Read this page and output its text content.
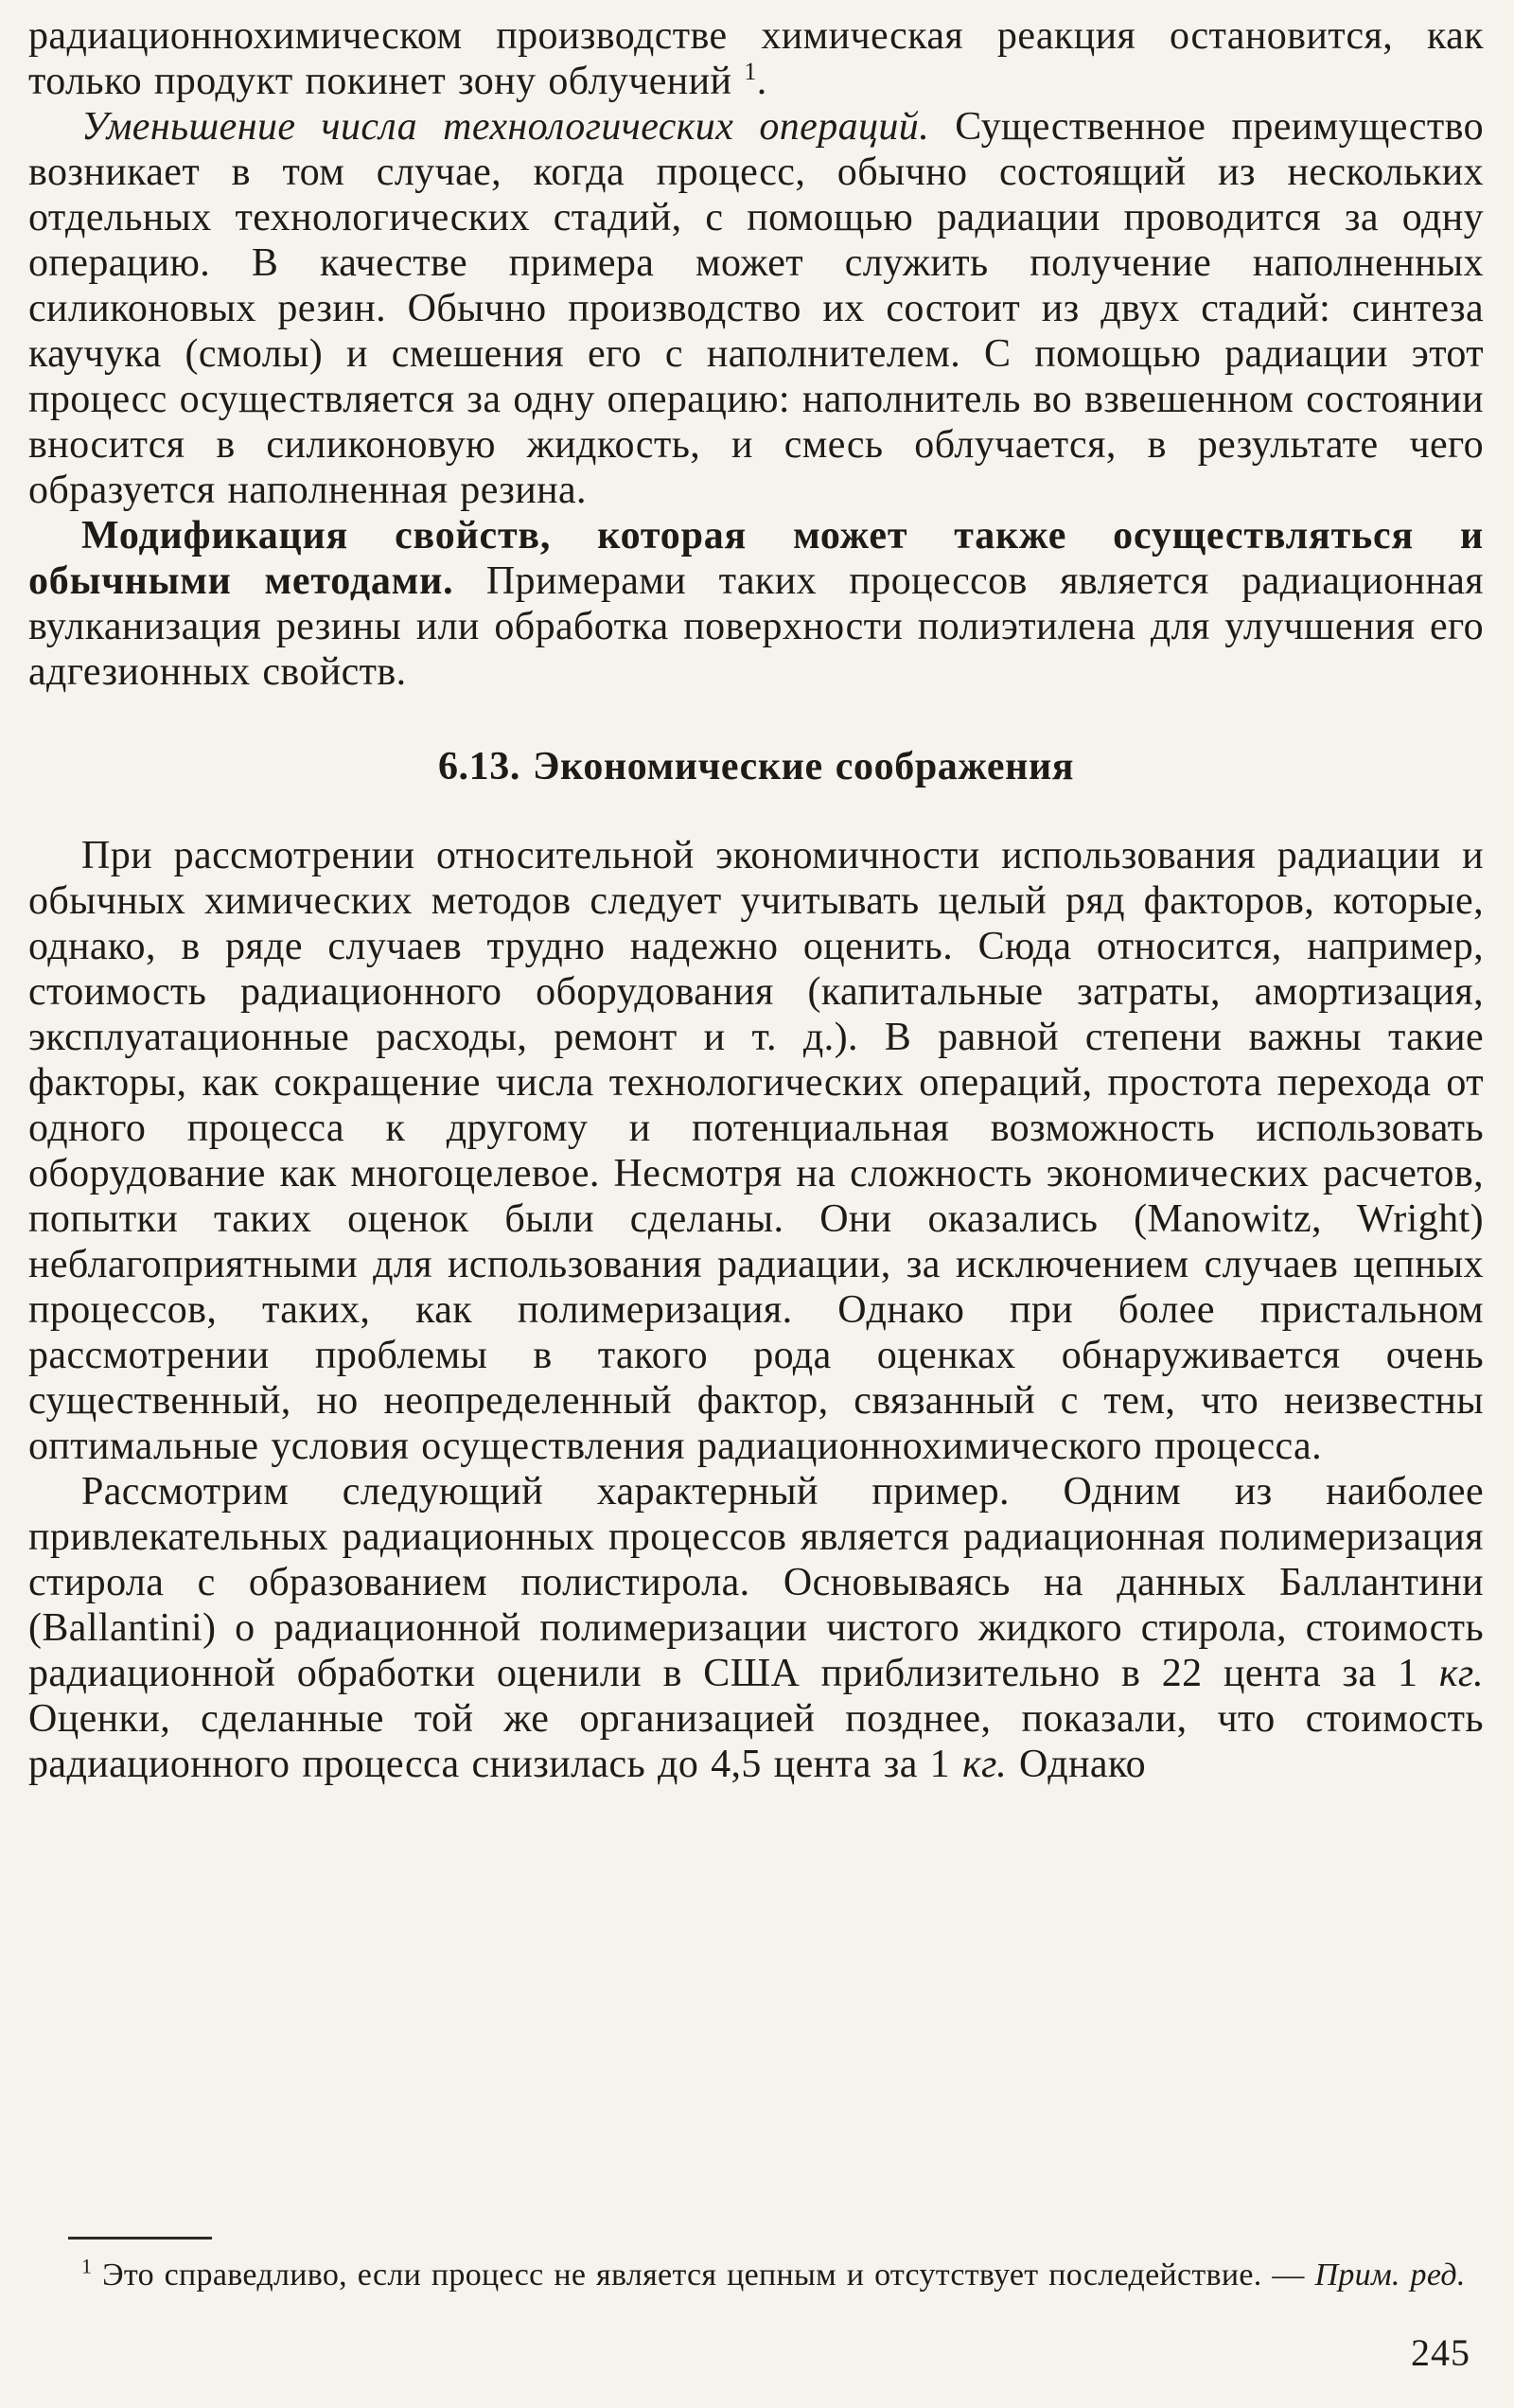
радиационнохимическом производстве химическая реакция остановится, как только продукт покинет зону облучений $^1$.

Уменьшение числа технологических операций. Существенное преимущество возникает в том случае, когда процесс, обычно состоящий из нескольких отдельных технологических стадий, с помощью радиации проводится за одну операцию. В качестве примера может служить получение наполненных силиконовых резин. Обычно производство их состоит из двух стадий: синтеза каучука (смолы) и смешения его с наполнителем. С помощью радиации этот процесс осуществляется за одну операцию: наполнитель во взвешенном состоянии вносится в силиконовую жидкость, и смесь облучается, в результате чего образуется наполненная резина.

Модификация свойств, которая может также осуществляться и обычными методами. Примерами таких процессов является радиационная вулканизация резины или обработка поверхности полиэтилена для улучшения его адгезионных свойств.

6.13. Экономические соображения

При рассмотрении относительной экономичности использования радиации и обычных химических методов следует учитывать целый ряд факторов, которые, однако, в ряде случаев трудно надежно оценить. Сюда относится, например, стоимость радиационного оборудования (капитальные затраты, амортизация, эксплуатационные расходы, ремонт и т. д.). В равной степени важны такие факторы, как сокращение числа технологических операций, простота перехода от одного процесса к другому и потенциальная возможность использовать оборудование как многоцелевое. Несмотря на сложность экономических расчетов, попытки таких оценок были сделаны. Они оказались (Manowitz, Wright) неблагоприятными для использования радиации, за исключением случаев цепных процессов, таких, как полимеризация. Однако при более пристальном рассмотрении проблемы в такого рода оценках обнаруживается очень существенный, но неопределенный фактор, связанный с тем, что неизвестны оптимальные условия осуществления радиационнохимического процесса.

Рассмотрим следующий характерный пример. Одним из наиболее привлекательных радиационных процессов является радиационная полимеризация стирола с образованием полистирола. Основываясь на данных Баллантини (Ballantini) о радиационной полимеризации чистого жидкого стирола, стоимость радиационной обработки оценили в США приблизительно в 22 цента за 1 кг. Оценки, сделанные той же организацией позднее, показали, что стоимость радиационного процесса снизилась до 4,5 цента за 1 кг. Однако

$^1$ Это справедливо, если процесс не является цепным и отсутствует последействие. — Прим. ред.

245
